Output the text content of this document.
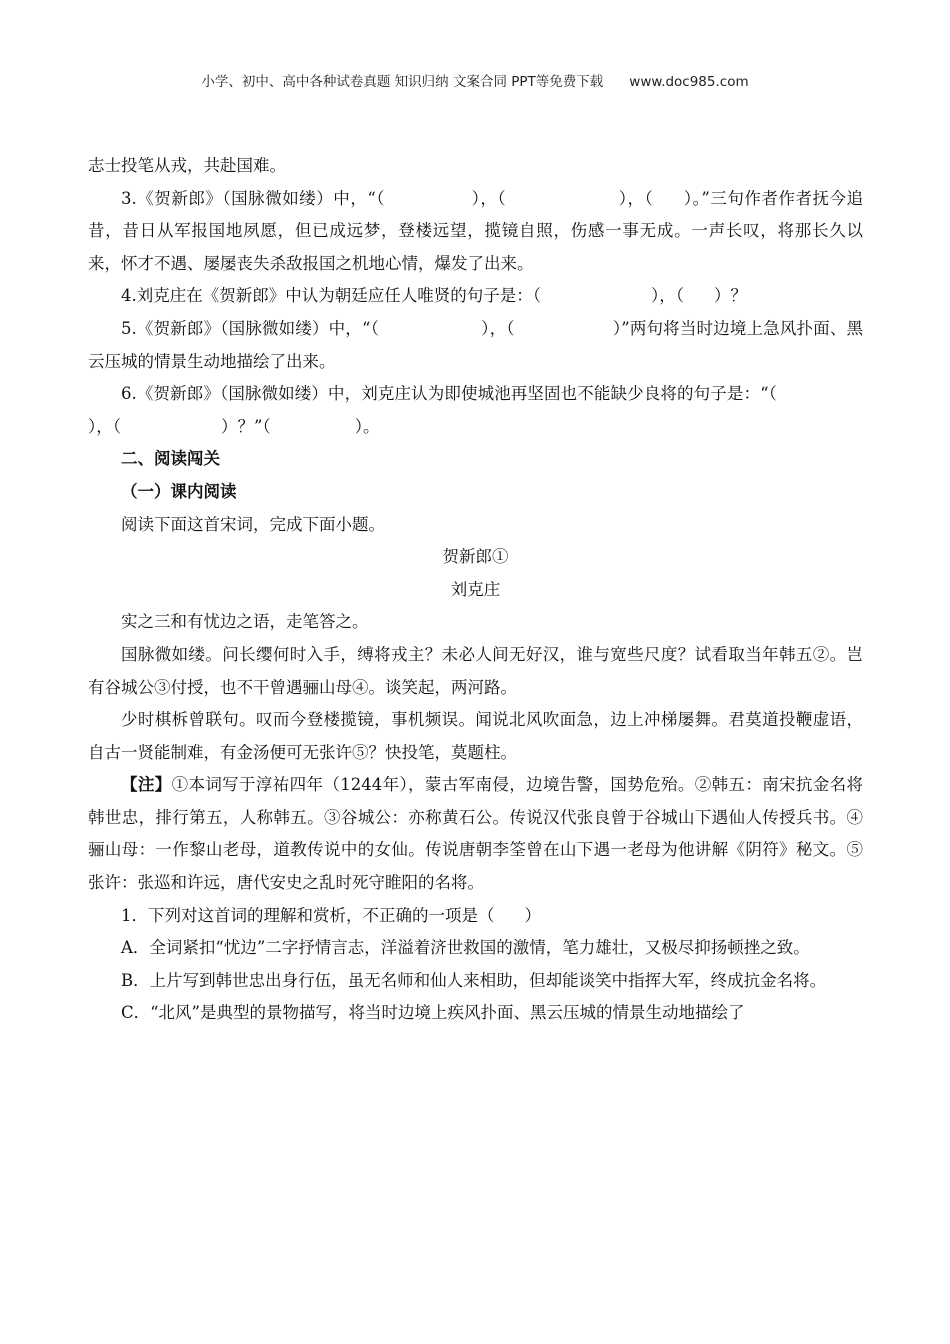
小学、初中、高中各种试卷真题 知识归纳 文案合同 PPT等免费下载 www.doc985.com

志士投笔从戎，共赴国难。

3.《贺新郎》（国脉微如缕）中，“（	），（	），（ ）。”三句作者作者抚今追昔，昔日从军报国地夙愿，但已成远梦，登楼远望，揽镜自照，伤感一事无成。一声长叹，将那长久以来，怀才不遇、屡屡丧失杀敌报国之机地心情，爆发了出来。

4.刘克庄在《贺新郎》中认为朝廷应任人唯贤的句子是：（	），（ ）？

5.《贺新郎》（国脉微如缕）中，“（	），（	）”两句将当时边境上急风扑面、黑云压城的情景生动地描绘了出来。

6.《贺新郎》（国脉微如缕）中，刘克庄认为即使城池再坚固也不能缺少良将的句子是：“（），（	）？”（	）。

二、阅读闯关

（一）课内阅读

阅读下面这首宋词，完成下面小题。

贺新郎①

刘克庄

实之三和有忧边之语，走笔答之。

国脉微如缕。问长缨何时入手，缚将戎主？未必人间无好汉，谁与宽些尺度？试看取当年韩五②。岂有谷城公③付授，也不干曾遇骊山母④。谈笑起，两河路。

少时棋柝曾联句。叹而今登楼揽镜，事机频误。闻说北风吹面急，边上冲梯屡舞。君莫道投鞭虚语，自古一贤能制难，有金汤便可无张许⑤？快投笔，莫题柱。

【注】①本词写于淳祐四年（1244年），蒙古军南侵，边境告警，国势危殆。②韩五：南宋抗金名将韩世忠，排行第五，人称韩五。③谷城公：亦称黄石公。传说汉代张良曾于谷城山下遇仙人传授兵书。④骊山母：一作黎山老母，道教传说中的女仙。传说唐朝李筌曾在山下遇一老母为他讲解《阴符》秘文。⑤张许：张巡和许远，唐代安史之乱时死守睢阳的名将。

1．下列对这首词的理解和赏析，不正确的一项是（ ）

A．全词紧扣“忧边”二字抒情言志，洋溢着济世救国的激情，笔力雄壮，又极尽抑扬顿挫之致。

B．上片写到韩世忠出身行伍，虽无名师和仙人来相助，但却能谈笑中指挥大军，终成抗金名将。

C．“北风”是典型的景物描写，将当时边境上疾风扑面、黑云压城的情景生动地描绘了
